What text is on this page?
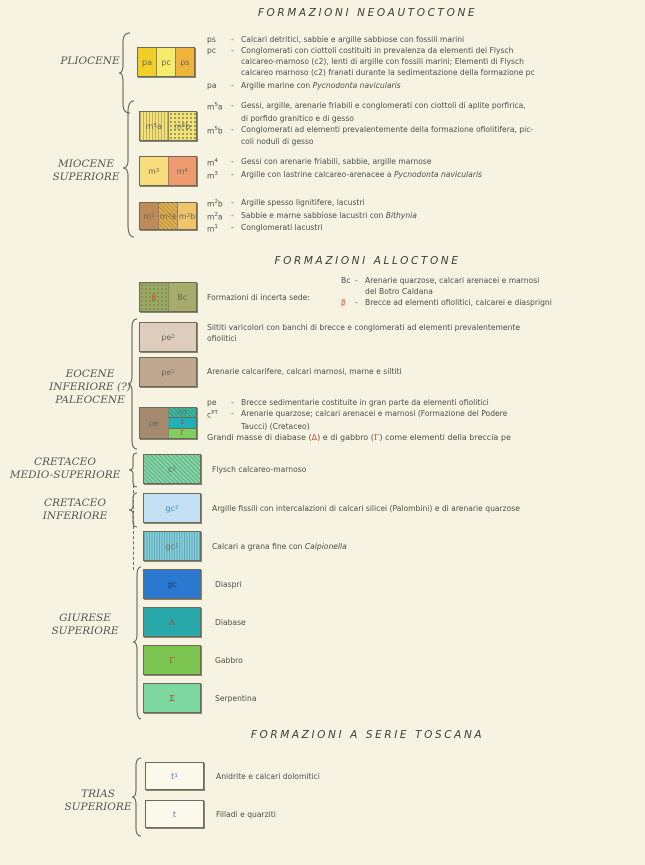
FORMAZIONI NEOAUTOCTONE
PLIOCENE	pa	pc	ps
ps	- Calcari detritici, sabbie e argille sabbiose con fossili marini
pc	- Conglomerati con ciottoli costituiti in prevalenza da elementi del Flysch
calcareo-marnoso (c2), lenti di argille con fossili marini; Elementi di Flysch
calcareo marnoso (c2) franati durante la sedimentazione della formazione pc
pa	- Argille marine con Pycnodonta navicularis
MIOCENE
SUPERIORE
m 5 a	m 5 b
$m^5a$	- Gessi, argille, arenarie friabili e conglomerati con ciottoli di aplite porfirica,
di porfido granitico e di gesso
$m^5b$	- Conglomerati ad elementi prevalentemente della formazione ofiolitifera, pic-
coli noduli di gesso
m 3	m 4
$m^4$	- Gessi con arenarie friabili, sabbie, argille marnose
$m^3$	- Argille con lastrine calcareo-arenacee a Pycnodonta navicularis
m 1 m 2 a m 2 b
$m^2b$	- Argille spesso lignitifere, lacustri
$m^2a$	- Sabbie e marne sabbiose lacustri con Bithynia
$m^1$	- Conglomerati lacustri
FORMAZIONI ALLOCTONE
β	Bc	Formazioni di incerta sede:
Bc - Arenarie quarzose, calcari arenacei e marnosi
del Botro Caldana
β	- Brecce ad elementi ofiolitici, calcarei e diasprigni
EOCENE
INFERIORE (?)
PALEOCENE
pe 2
Siltiti varicolori con banchi di brecce e conglomerati ad elementi prevalentemente
ofiolitici
pe 1	Arenarie calcarifere, calcari marnosi, marne e siltiti
pe
c PT
Δ
Γ
pe	- Brecce sedimentarie costituite in gran parte da elementi ofiolitici
$c^{PT}$	- Arenarie quarzose; calcari arenacei e marnosi (Formazione del Podere
Taucci) (Cretaceo)
Grandi masse di diabase (Δ) e di gabbro (Γ) come elementi della breccia pe
CRETACEO
MEDIO-SUPERIORE	c 2	Flysch calcareo-marnoso
CRETACEO
INFERIORE
gc 2	Argille fissili con intercalazioni di calcari silicei (Palombini) e di arenarie quarzose
gc 1	Calcari a grana fine con Calpionella
GIURESE
SUPERIORE
gc	Diaspri
Λ	Diabase
Γ	Gabbro
Σ	Serpentina
FORMAZIONI A SERIE TOSCANA
TRIAS
SUPERIORE
t 1	Anidrite e calcari dolomitici
t	Filladi e quarziti
